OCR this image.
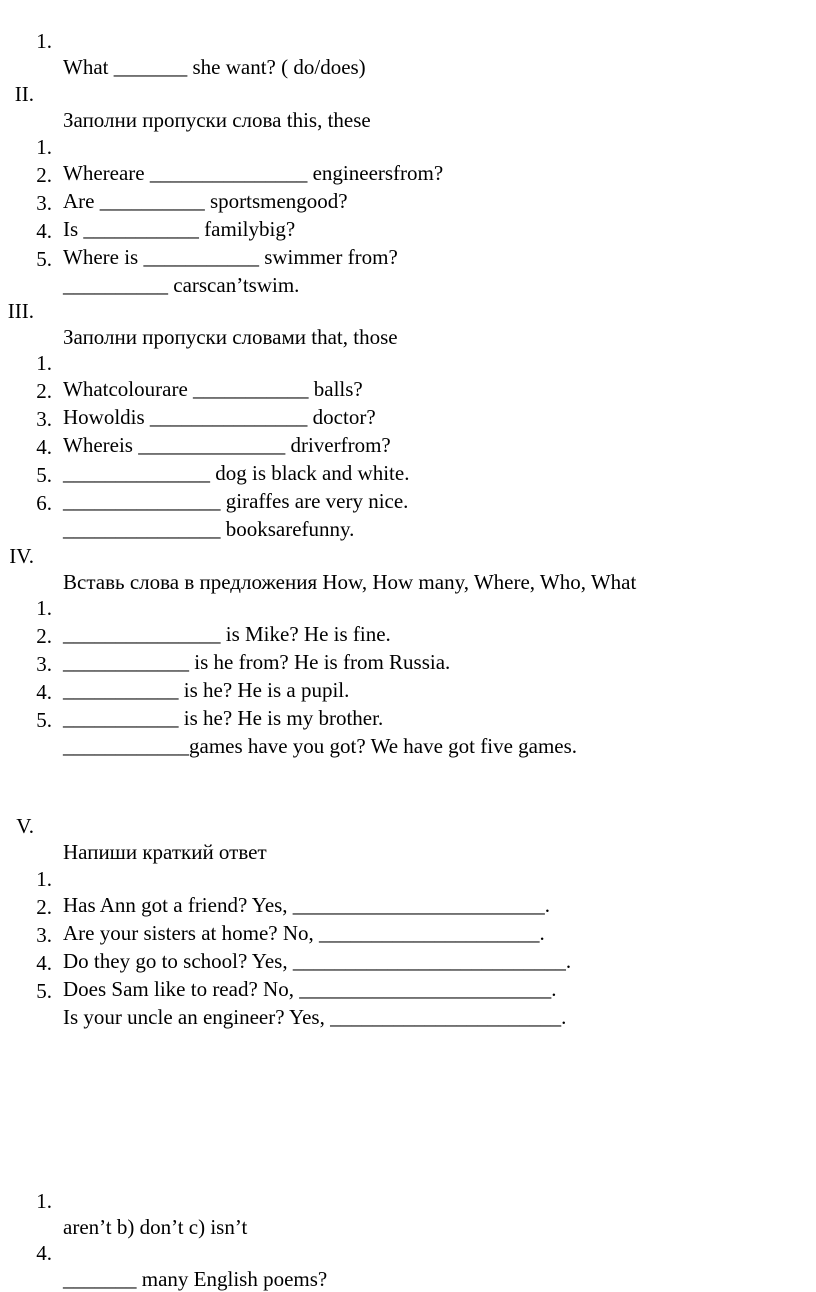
1.

What _______ she want? ( do/does)

II.

Заполни пропуски слова this, these

1.

Whereare _______________ engineersfrom?

2.

Are __________ sportsmengood?

3.

Is ___________ familybig?

4.

Where is ___________ swimmer from?

5.

__________ carscan’tswim.

III.

Заполни пропуски словами that, those

1.

Whatcolourare ___________ balls?

2.

Howoldis _______________ doctor?

3.

Whereis ______________ driverfrom?

4.

______________ dog is black and white.

5.

_______________ giraffes are very nice.

6.

_______________ booksarefunny.

IV.

Вставь слова в предложения How, How many, Where, Who, What

1.

_______________ is Mike? He is fine.

2.

____________ is he from? He is from Russia.

3.

___________ is he? He is a pupil.

4.

___________ is he? He is my brother.

5.

____________games have you got? We have got five games.

V.

Напиши краткий ответ

1.

Has Ann got a friend? Yes, ________________________.

2.

Are your sisters at home? No, _____________________.

3.

Do they go to school? Yes, __________________________.

4.

Does Sam like to read? No, ________________________.

5.

Is your uncle an engineer? Yes, ______________________.

1.

aren’t b) don’t c) isn’t

4.

_______ many English poems?
